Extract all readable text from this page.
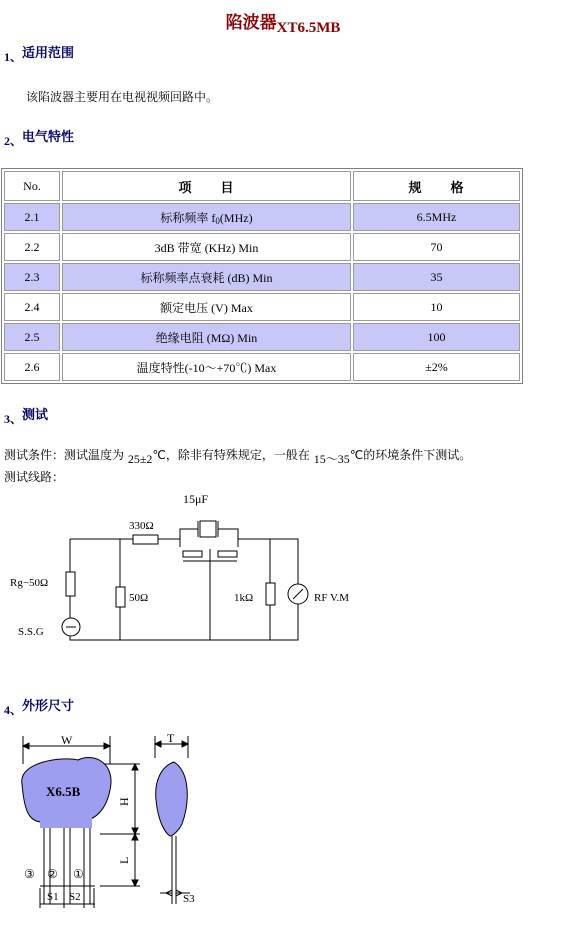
陷波器XT6.5MB
1、适用范围
该陷波器主要用在电视视频回路中。
2、电气特性
No.	项　　目	规　　格
2.1	标称频率 $f_0(MHz)$	6.5MHz
2.2	3dB 带宽 (KHz) Min	70
2.3	标称频率点衰耗 (dB) Min	35
2.4	额定电压 (V) Max	10
2.5	绝缘电阻 (MΩ) Min	100
2.6	温度特性(-10～+70℃) Max	±2%
3、测试
测试条件：测试温度为 25±2℃，除非有特殊规定，一般在 15～35℃的环境条件下测试。
测试线路：
15μF
330Ω
Rg−50Ω
50Ω
S.S.G
1kΩ	RF V.M
4、外形尺寸
X6.5B
W	T
H
L
③ ② ①
S1 S2	S3
